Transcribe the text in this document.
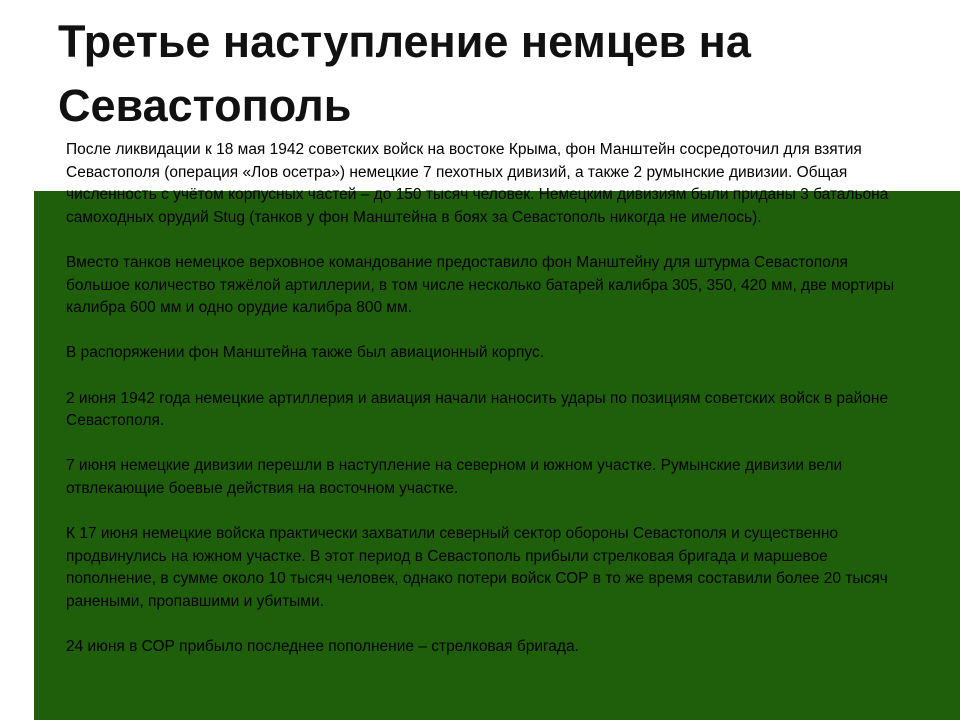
Третье наступление немцев на Севастополь

После ликвидации к 18 мая 1942 советских войск на востоке Крыма, фон Манштейн сосредоточил для взятия Севастополя (операция «Лов осетра») немецкие 7 пехотных дивизий, а также 2 румынские дивизии. Общая численность с учётом корпусных частей – до 150 тысяч человек. Немецким дивизиям были приданы 3 батальона самоходных орудий Stug (танков у фон Манштейна в боях за Севастополь никогда не имелось).

Вместо танков немецкое верховное командование предоставило фон Манштейну для штурма Севастополя большое количество тяжёлой артиллерии, в том числе несколько батарей калибра 305, 350, 420 мм, две мортиры калибра 600 мм и одно орудие калибра 800 мм.

В распоряжении фон Манштейна также был авиационный корпус.

2 июня 1942 года немецкие артиллерия и авиация начали наносить удары по позициям советских войск в районе Севастополя.

7 июня немецкие дивизии перешли в наступление на северном и южном участке. Румынские дивизии вели отвлекающие боевые действия на восточном участке.

К 17 июня немецкие войска практически захватили северный сектор обороны Севастополя и существенно продвинулись на южном участке. В этот период в Севастополь прибыли стрелковая бригада и маршевое пополнение, в сумме около 10 тысяч человек, однако потери войск СОР в то же время составили более 20 тысяч ранеными, пропавшими и убитыми.

24 июня в СОР прибыло последнее пополнение – стрелковая бригада.
